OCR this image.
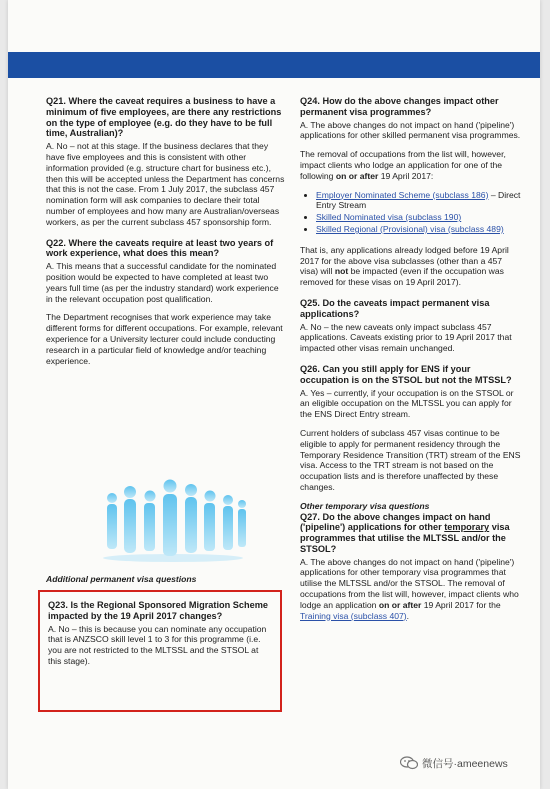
Q21. Where the caveat requires a business to have a minimum of five employees, are there any restrictions on the type of employee (e.g. do they have to be full time, Australian)?

A. No – not at this stage. If the business declares that they have five employees and this is consistent with other information provided (e.g. structure chart for business etc.), then this will be accepted unless the Department has concerns that this is not the case. From 1 July 2017, the subclass 457 nomination form will ask companies to declare their total number of employees and how many are Australian/overseas workers, as per the current subclass 457 sponsorship form.

Q22. Where the caveats require at least two years of work experience, what does this mean?

A. This means that a successful candidate for the nominated position would be expected to have completed at least two years full time (as per the industry standard) work experience in the relevant occupation post qualification.

The Department recognises that work experience may take different forms for different occupations. For example, relevant experience for a University lecturer could include conducting research in a particular field of knowledge and/or teaching experience.

Additional permanent visa questions

Q23. Is the Regional Sponsored Migration Scheme impacted by the 19 April 2017 changes?

A. No – this is because you can nominate any occupation that is ANZSCO skill level 1 to 3 for this programme (i.e. you are not restricted to the MLTSSL and the STSOL at this stage).

Q24. How do the above changes impact other permanent visa programmes?

A. The above changes do not impact on hand ('pipeline') applications for other skilled permanent visa programmes.

The removal of occupations from the list will, however, impact clients who lodge an application for one of the following on or after 19 April 2017:

• Employer Nominated Scheme (subclass 186) – Direct Entry Stream
• Skilled Nominated visa (subclass 190)
• Skilled Regional (Provisional) visa (subclass 489)

That is, any applications already lodged before 19 April 2017 for the above visa subclasses (other than a 457 visa) will not be impacted (even if the occupation was removed for these visas on 19 April 2017).

Q25. Do the caveats impact permanent visa applications?

A. No – the new caveats only impact subclass 457 applications. Caveats existing prior to 19 April 2017 that impacted other visas remain unchanged.

Q26. Can you still apply for ENS if your occupation is on the STSOL but not the MTSSL?

A. Yes – currently, if your occupation is on the STSOL or an eligible occupation on the MLTSSL you can apply for the ENS Direct Entry stream.

Current holders of subclass 457 visas continue to be eligible to apply for permanent residency through the Temporary Residence Transition (TRT) stream of the ENS visa. Access to the TRT stream is not based on the occupation lists and is therefore unaffected by these changes.

Other temporary visa questions

Q27. Do the above changes impact on hand ('pipeline') applications for other temporary visa programmes that utilise the MLTSSL and/or the STSOL?

A. The above changes do not impact on hand ('pipeline') applications for other temporary visa programmes that utilise the MLTSSL and/or the STSOL. The removal of occupations from the list will, however, impact clients who lodge an application on or after 19 April 2017 for the Training visa (subclass 407).

微信号·ameenews
